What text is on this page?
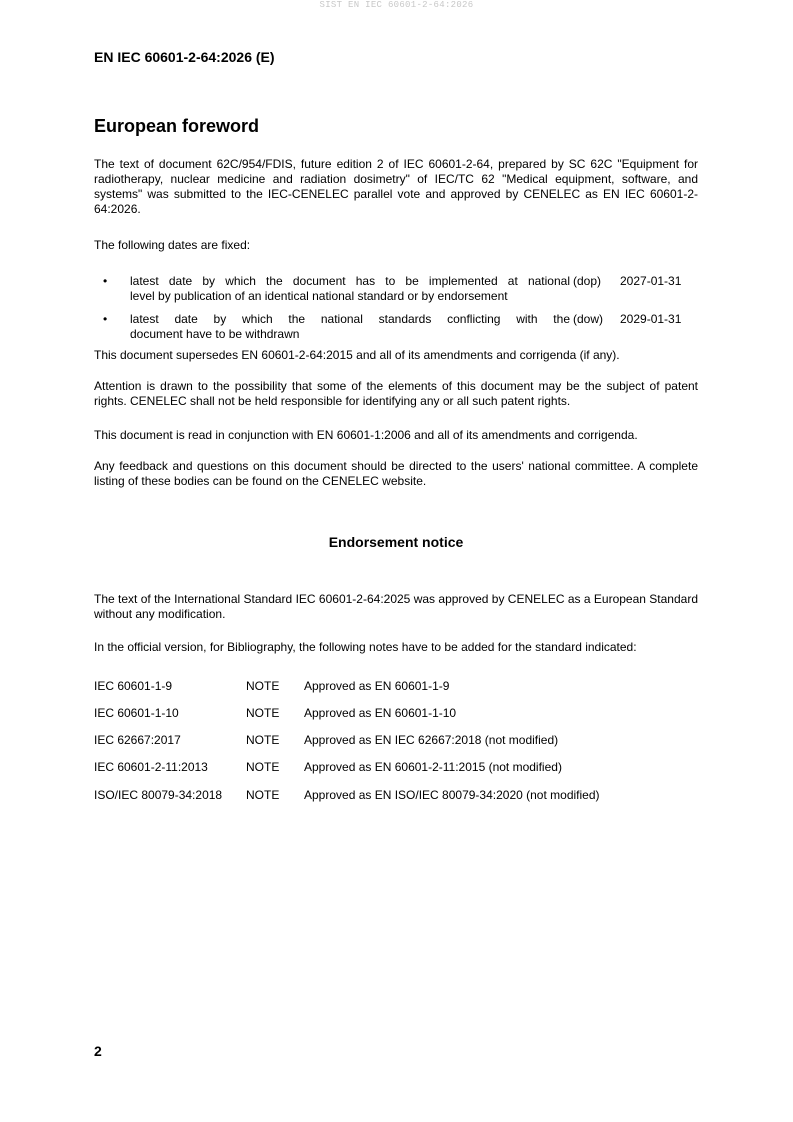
SIST EN IEC 60601-2-64:2026
EN IEC 60601-2-64:2026 (E)
European foreword

The text of document 62C/954/FDIS, future edition 2 of IEC 60601-2-64, prepared by SC 62C "Equipment for radiotherapy, nuclear medicine and radiation dosimetry" of IEC/TC 62 "Medical equipment, software, and systems" was submitted to the IEC-CENELEC parallel vote and approved by CENELEC as EN IEC 60601-2-64:2026.

The following dates are fixed:

• latest date by which the document has to be implemented at national
level by publication of an identical national standard or by endorsement
(dop) 2027-01-31
• latest date by which the national standards conflicting with the
document have to be withdrawn
(dow) 2029-01-31

This document supersedes EN 60601-2-64:2015 and all of its amendments and corrigenda (if any).

Attention is drawn to the possibility that some of the elements of this document may be the subject of patent rights. CENELEC shall not be held responsible for identifying any or all such patent rights.

This document is read in conjunction with EN 60601-1:2006 and all of its amendments and corrigenda.

Any feedback and questions on this document should be directed to the users' national committee. A complete listing of these bodies can be found on the CENELEC website.

Endorsement notice

The text of the International Standard IEC 60601-2-64:2025 was approved by CENELEC as a European Standard without any modification.

In the official version, for Bibliography, the following notes have to be added for the standard indicated:

IEC 60601-1-9	NOTE Approved as EN 60601-1-9
IEC 60601-1-10	NOTE Approved as EN 60601-1-10
IEC 62667:2017	NOTE Approved as EN IEC 62667:2018 (not modified)
IEC 60601-2-11:2013	NOTE Approved as EN 60601-2-11:2015 (not modified)
ISO/IEC 80079-34:2018 NOTE Approved as EN ISO/IEC 80079-34:2020 (not modified)
2
